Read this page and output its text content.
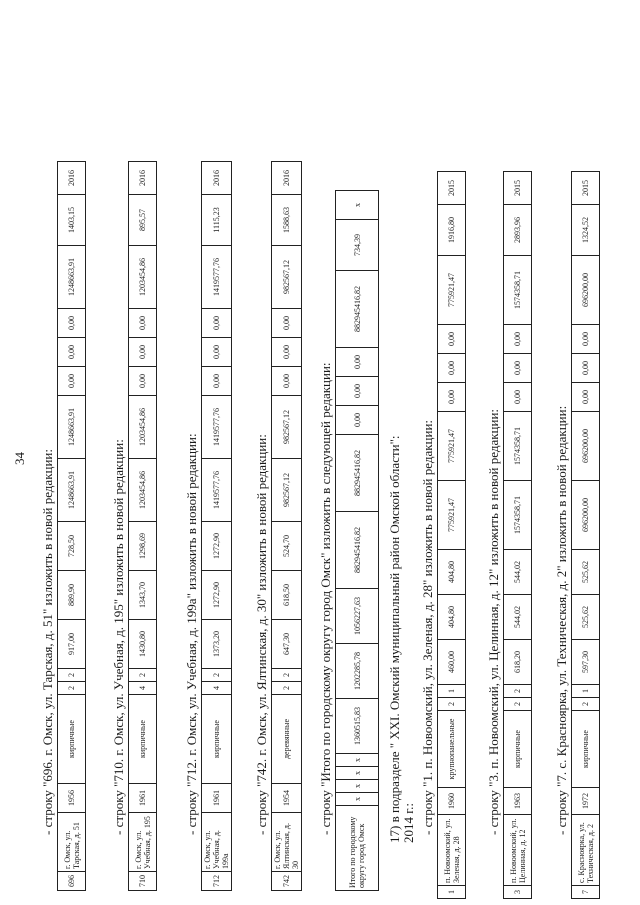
34 - строку "696. г. Омск, ул. Тарская, д. 51" изложить в новой редакции:
696	г. Омск, ул. Тарская, д. 51	1956	кирпичные	2	2	917,00	889,90	728,50	1248663,91	1248663,91	0,00	0,00	0,00	1248663,91	1403,15	2016
- строку "710. г. Омск, ул. Учебная, д. 195" изложить в новой редакции:
710	г. Омск, ул. Учебная, д. 195	1961	кирпичные	4	2	1430,80	1343,70	1298,69	1203454,86	1203454,86	0,00	0,00	0,00	1203454,86	895,57	2016
- строку "712. г. Омск, ул. Учебная, д. 199а" изложить в новой редакции:
712	г. Омск, ул. Учебная, д. 199а	1961	кирпичные	4	2	1373,20	1272,90	1272,90	1419577,76	1419577,76	0,00	0,00	0,00	1419577,76	1115,23	2016
- строку "742. г. Омск, ул. Ялтинская, д. 30" изложить в новой редакции:
742	г. Омск, ул. Ялтинская, д. 30	1954	деревянные	2	2	647,30	618,50	524,70	982567,12	982567,12	0,00	0,00	0,00	982567,12	1588,63	2016
- строку "Итого по городскому округу город Омск" изложить в следующей редакции:
Итого по городскому округу город Омск	х	х	х	х	1360515,83	1202285,78	1056227,63	882945416,82	882945416,82	0,00	0,00	0,00	882945416,82	734,39	х
17) в подразделе " XXI. Омский муниципальный район Омской области": 2014 г.: - строку "1. п. Новоомский, ул. Зеленая, д. 28" изложить в новой редакции:
1	п. Новоомский, ул. Зеленая, д. 28	1960	крупнопанельные	2	1	460,00	404,80	404,80	775921,47	775921,47	0,00	0,00	0,00	775921,47	1916,80	2015
- строку "3. п. Новоомский, ул. Целинная, д. 12" изложить в новой редакции:
3	п. Новоомский, ул. Целинная, д. 12	1963	кирпичные	2	2	618,20	544,02	544,02	1574358,71	1574358,71	0,00	0,00	0,00	1574358,71	2893,96	2015
- строку "7. с. Красноярка, ул. Техническая, д. 2" изложить в новой редакции:
7	с. Красноярка, ул. Техническая, д. 2	1972	кирпичные	2	1	597,30	525,62	525,62	696200,00	696200,00	0,00	0,00	0,00	696200,00	1324,52	2015
